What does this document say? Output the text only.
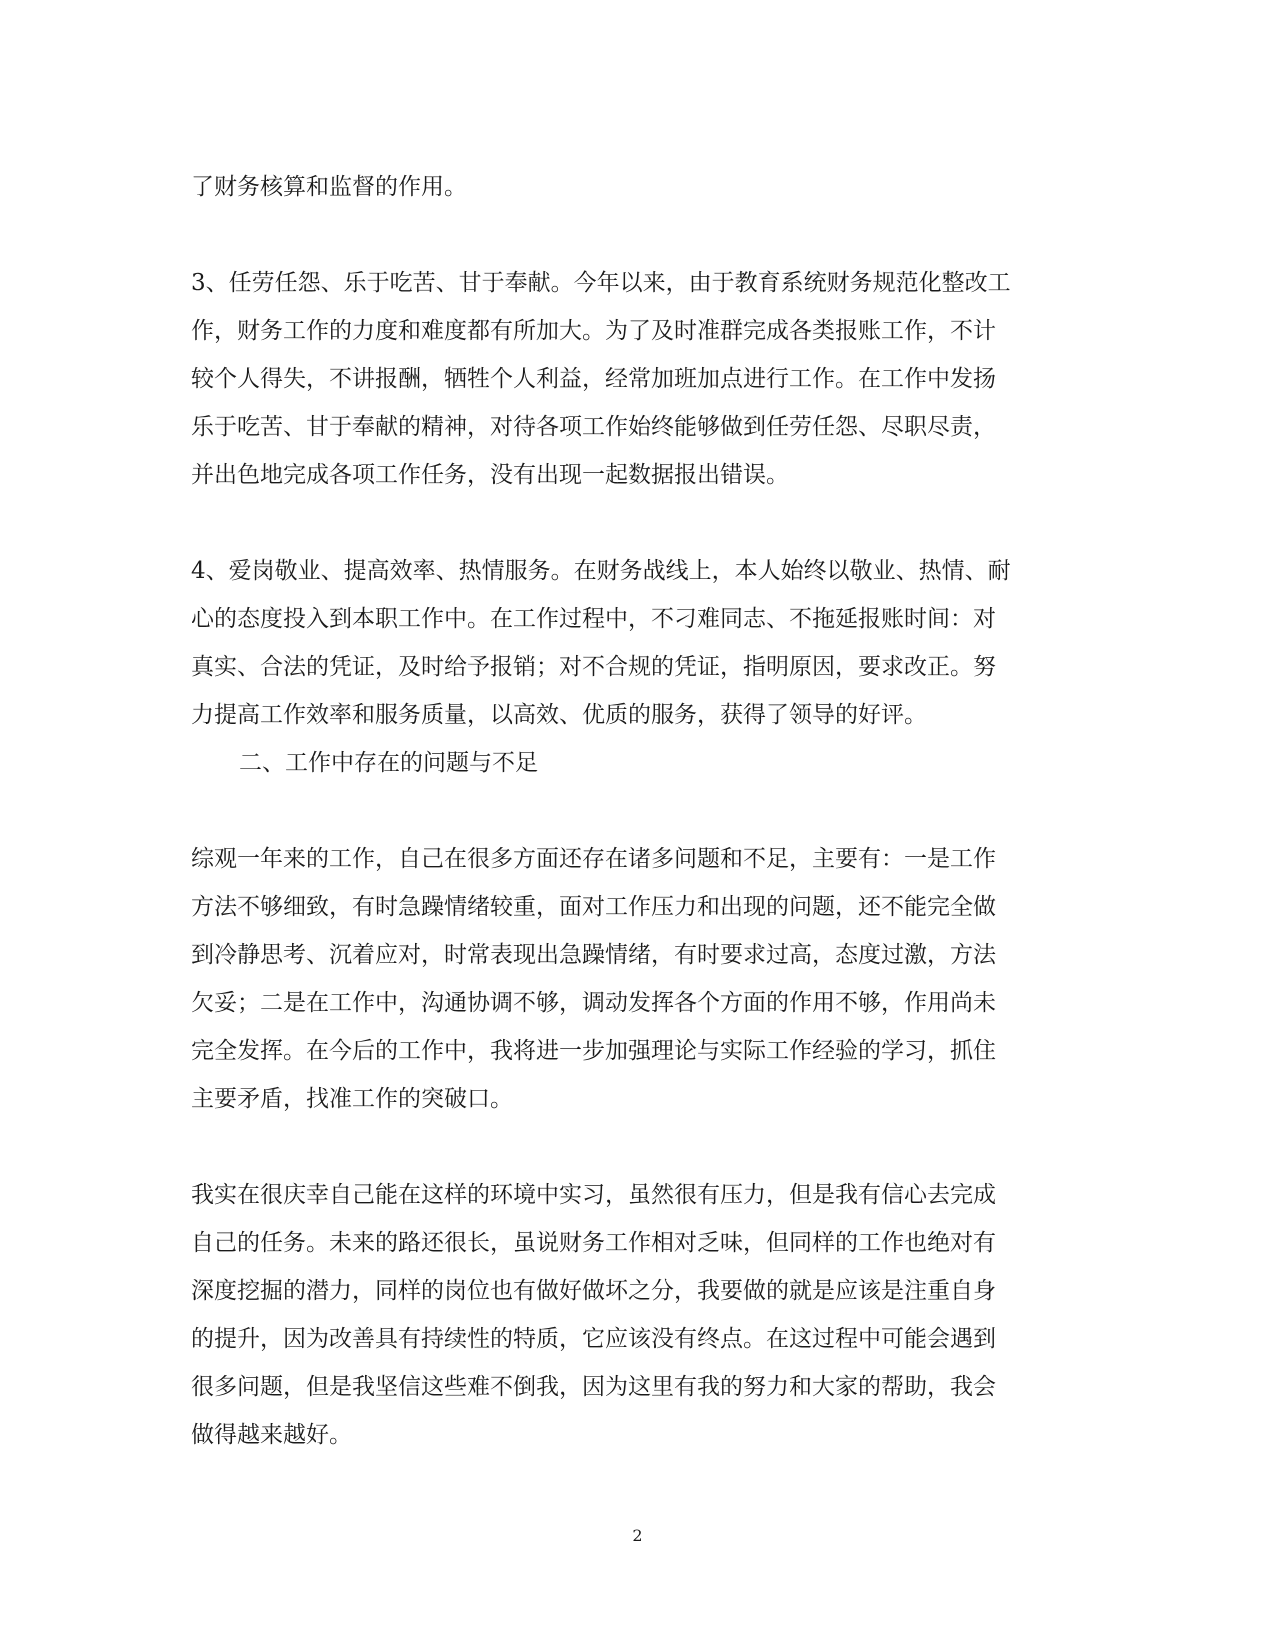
了财务核算和监督的作用。
3、任劳任怨、乐于吃苦、甘于奉献。今年以来，由于教育系统财务规范化整改工
作，财务工作的力度和难度都有所加大。为了及时准群完成各类报账工作，不计
较个人得失，不讲报酬，牺牲个人利益，经常加班加点进行工作。在工作中发扬
乐于吃苦、甘于奉献的精神，对待各项工作始终能够做到任劳任怨、尽职尽责，
并出色地完成各项工作任务，没有出现一起数据报出错误。
4、爱岗敬业、提高效率、热情服务。在财务战线上，本人始终以敬业、热情、耐
心的态度投入到本职工作中。在工作过程中，不刁难同志、不拖延报账时间：对
真实、合法的凭证，及时给予报销；对不合规的凭证，指明原因，要求改正。努
力提高工作效率和服务质量，以高效、优质的服务，获得了领导的好评。
二、工作中存在的问题与不足
综观一年来的工作，自己在很多方面还存在诸多问题和不足，主要有：一是工作
方法不够细致，有时急躁情绪较重，面对工作压力和出现的问题，还不能完全做
到冷静思考、沉着应对，时常表现出急躁情绪，有时要求过高，态度过激，方法
欠妥；二是在工作中，沟通协调不够，调动发挥各个方面的作用不够，作用尚未
完全发挥。在今后的工作中，我将进一步加强理论与实际工作经验的学习，抓住
主要矛盾，找准工作的突破口。
我实在很庆幸自己能在这样的环境中实习，虽然很有压力，但是我有信心去完成
自己的任务。未来的路还很长，虽说财务工作相对乏味，但同样的工作也绝对有
深度挖掘的潜力，同样的岗位也有做好做坏之分，我要做的就是应该是注重自身
的提升，因为改善具有持续性的特质，它应该没有终点。在这过程中可能会遇到
很多问题，但是我坚信这些难不倒我，因为这里有我的努力和大家的帮助，我会
做得越来越好。
2
